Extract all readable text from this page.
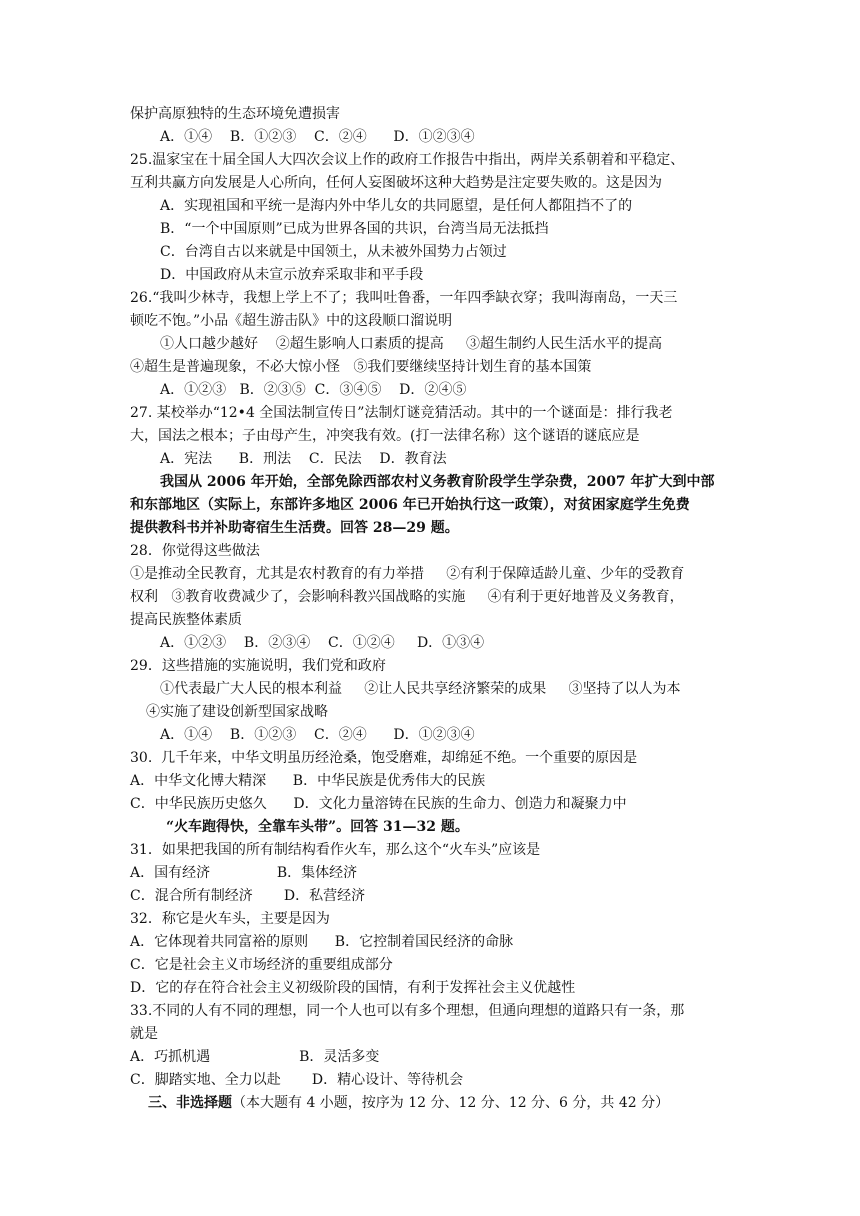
保护高原独特的生态环境免遭损害
A．①④    B．①②③    C．②④      D．①②③④
25.温家宝在十届全国人大四次会议上作的政府工作报告中指出，两岸关系朝着和平稳定、
互利共赢方向发展是人心所向，任何人妄图破坏这种大趋势是注定要失败的。这是因为
A．实现祖国和平统一是海内外中华儿女的共同愿望，是任何人都阻挡不了的
B．“一个中国原则”已成为世界各国的共识，台湾当局无法抵挡
C．台湾自古以来就是中国领土，从未被外国势力占领过
D．中国政府从未宣示放弃采取非和平手段
26.“我叫少林寺，我想上学上不了；我叫吐鲁番，一年四季缺衣穿；我叫海南岛，一天三
顿吃不饱。”小品《超生游击队》中的这段顺口溜说明
①人口越少越好    ②超生影响人口素质的提高     ③超生制约人民生活水平的提高
④超生是普遍现象，不必大惊小怪   ⑤我们要继续坚持计划生育的基本国策
A．①②③   B．②③⑤  C．③④⑤    D．②④⑤
27. 某校举办“12•4 全国法制宣传日”法制灯谜竞猜活动。其中的一个谜面是：排行我老
大，国法之根本；子由母产生，冲突我有效。(打一法律名称）这个谜语的谜底应是
A．宪法      B．刑法    C．民法    D．教育法
我国从 2006 年开始，全部免除西部农村义务教育阶段学生学杂费，2007 年扩大到中部
和东部地区（实际上，东部许多地区 2006 年已开始执行这一政策），对贫困家庭学生免费
提供教科书并补助寄宿生生活费。回答 28—29 题。
28．你觉得这些做法
①是推动全民教育，尤其是农村教育的有力举措     ②有利于保障适龄儿童、少年的受教育
权利   ③教育收费减少了，会影响科教兴国战略的实施     ④有利于更好地普及义务教育，
提高民族整体素质
A．①②③    B．②③④    C．①②④     D．①③④
29．这些措施的实施说明，我们党和政府
①代表最广大人民的根本利益     ②让人民共享经济繁荣的成果     ③坚持了以人为本
④实施了建设创新型国家战略
A．①④    B．①②③    C．②④      D．①②③④
30.  几千年来，中华文明虽历经沧桑，饱受磨难，却绵延不绝。一个重要的原因是
A．中华文化博大精深      B．中华民族是优秀伟大的民族
C．中华民族历史悠久      D．文化力量溶铸在民族的生命力、创造力和凝聚力中
“火车跑得快，全靠车头带”。回答 31—32 题。
31．如果把我国的所有制结构看作火车，那么这个“火车头”应该是
A．国有经济               B．集体经济
C．混合所有制经济       D．私营经济
32．称它是火车头，主要是因为
A．它体现着共同富裕的原则      B．它控制着国民经济的命脉
C．它是社会主义市场经济的重要组成部分
D．它的存在符合社会主义初级阶段的国情，有利于发挥社会主义优越性
33.不同的人有不同的理想，同一个人也可以有多个理想，但通向理想的道路只有一条，那
就是
A．巧抓机遇                    B．灵活多变
C．脚踏实地、全力以赴       D．精心设计、等待机会
三、非选择题（本大题有 4 小题，按序为 12 分、12 分、12 分、6 分，共 42 分）
